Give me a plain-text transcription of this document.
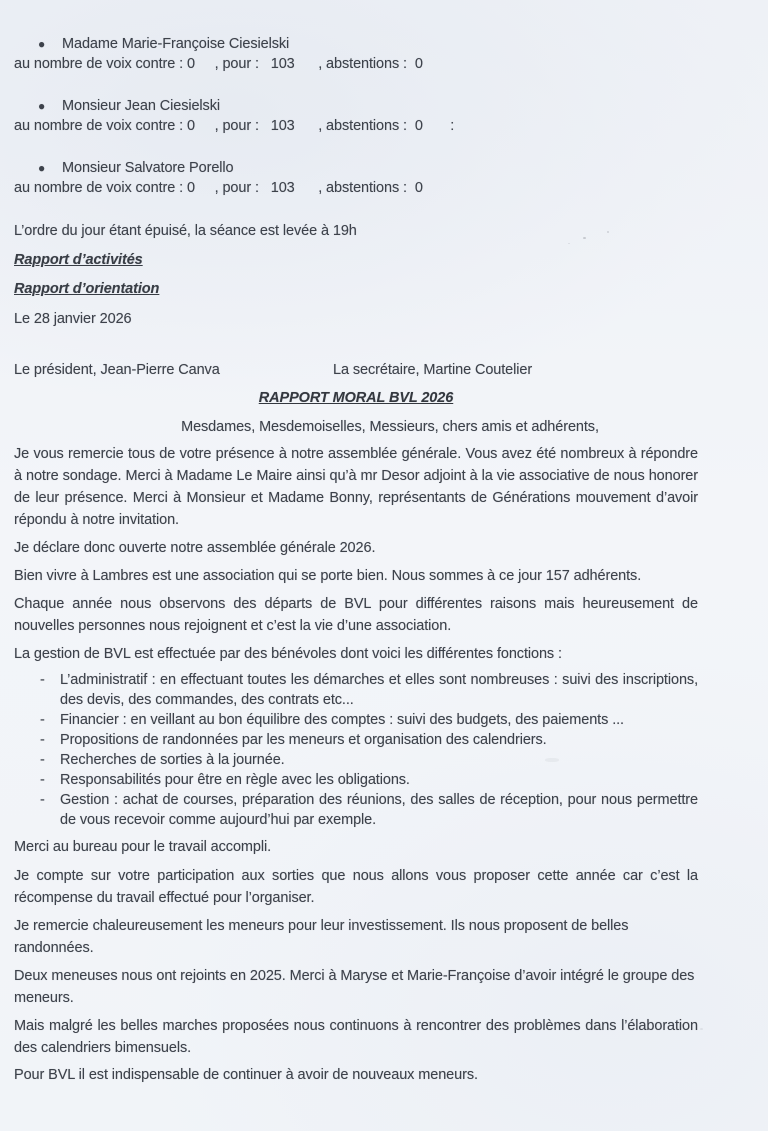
●	Madame Marie-Françoise Ciesielski
au nombre de voix contre : 0     , pour :   103      , abstentions :  0
●	Monsieur Jean Ciesielski
au nombre de voix contre : 0     , pour :   103      , abstentions :  0       :
●	Monsieur Salvatore Porello
au nombre de voix contre : 0     , pour :   103      , abstentions :  0
L’ordre du jour étant épuisé, la séance est levée à 19h
Rapport d’activités
Rapport d’orientation
Le 28 janvier 2026
Le président, Jean-Pierre Canva	La secrétaire, Martine Coutelier
RAPPORT MORAL BVL 2026
Mesdames, Mesdemoiselles, Messieurs, chers amis et adhérents,

Je vous remercie tous de votre présence à notre assemblée générale. Vous avez été nombreux à répondre à notre sondage. Merci à Madame Le Maire ainsi qu’à mr Desor adjoint à la vie associative de nous honorer de leur présence. Merci à Monsieur et Madame Bonny, représentants de Générations mouvement d’avoir répondu à notre invitation.

Je déclare donc ouverte notre assemblée générale 2026.

Bien vivre à Lambres est une association qui se porte bien. Nous sommes à ce jour 157 adhérents.

Chaque année nous observons des départs de BVL pour différentes raisons mais heureusement de nouvelles personnes nous rejoignent et c’est la vie d’une association.

La gestion de BVL est effectuée par des bénévoles dont voici les différentes fonctions :

- L’administratif : en effectuant toutes les démarches et elles sont nombreuses : suivi des inscriptions, des devis, des commandes, des contrats etc...
- Financier : en veillant au bon équilibre des comptes : suivi des budgets, des paiements ...
- Propositions de randonnées par les meneurs et organisation des calendriers.
- Recherches de sorties à la journée.
- Responsabilités pour être en règle avec les obligations.
- Gestion : achat de courses, préparation des réunions, des salles de réception, pour nous permettre de vous recevoir comme aujourd’hui par exemple.

Merci au bureau pour le travail accompli.

Je compte sur votre participation aux sorties que nous allons vous proposer cette année car c’est la récompense du travail effectué pour l’organiser.

Je remercie chaleureusement les meneurs pour leur investissement. Ils nous proposent de belles randonnées.

Deux meneuses nous ont rejoints en 2025. Merci à Maryse et Marie-Françoise d’avoir intégré le groupe des meneurs.

Mais malgré les belles marches proposées nous continuons à rencontrer des problèmes dans l’élaboration des calendriers bimensuels.

Pour BVL il est indispensable de continuer à avoir de nouveaux meneurs.
